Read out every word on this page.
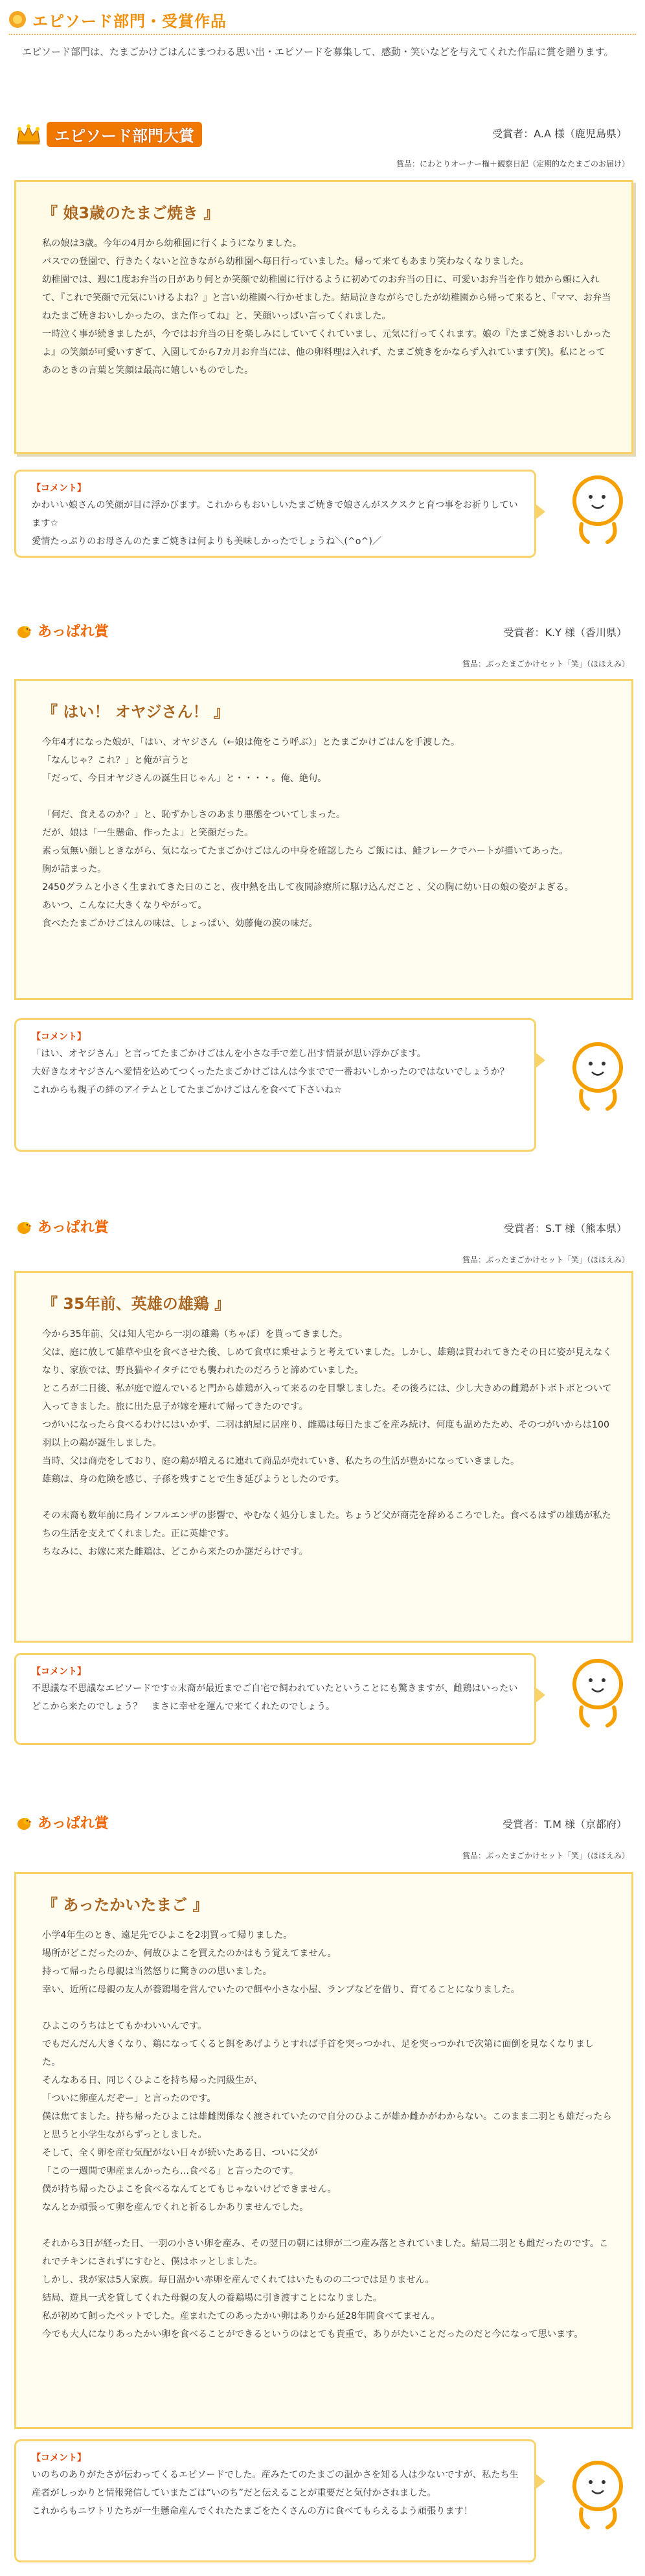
エピソード部門・受賞作品
エピソード部門は、たまごかけごはんにまつわる思い出・エピソードを募集して、感動・笑いなどを与えてくれた作品に賞を贈ります。
エピソード部門大賞	受賞者：A.A 様（鹿児島県）
賞品：にわとりオーナー権＋観察日記（定期的なたまごのお届け）
『 娘3歳のたまご焼き 』

私の娘は3歳。今年の4月から幼稚園に行くようになりました。

バスでの登園で、行きたくないと泣きながら幼稚園へ毎日行っていました。帰って来てもあまり笑わなくなりました。

幼稚園では、週に1度お弁当の日があり何とか笑顔で幼稚園に行けるように初めてのお弁当の日に、可愛いお弁当を作り娘から頼に入れて、『これで笑顔で元気にいけるよね？』と言い幼稚園へ行かせました。結局泣きながらでしたが幼稚園から帰って来ると、『ママ、お弁当ねたまご焼きおいしかったの、また作ってね』と、笑顔いっぱい言ってくれました。

一時泣く事が続きましたが、今ではお弁当の日を楽しみにしていてくれていまし、元気に行ってくれます。娘の『たまご焼きおいしかったよ』の笑顔が可愛いすぎて、入園してから7カ月お弁当には、他の卵料理は入れず、たまご焼きをかならず入れています(笑)。私にとってあのときの言葉と笑顔は最高に嬉しいものでした。

【コメント】

かわいい娘さんの笑顔が目に浮かびます。これからもおいしいたまご焼きで娘さんがスクスクと育つ事をお祈りしています☆

愛情たっぷりのお母さんのたまご焼きは何よりも美味しかったでしょうね＼(^o^)／

あっぱれ賞	受賞者：K.Y 様（香川県）
賞品：ぶったまごかけセット「笑」（ほほえみ）
『 はい！ オヤジさん！ 』

今年4才になった娘が、「はい、オヤジさん（←娘は俺をこう呼ぶ）」とたまごかけごはんを手渡した。

「なんじゃ？これ？」と俺が言うと

「だって、今日オヤジさんの誕生日じゃん」と・・・・。俺、絶句。

「何だ、食えるのか？」と、恥ずかしさのあまり悪態をついてしまった。

だが、娘は「一生懸命、作ったよ」と笑顔だった。

素っ気無い顔しときながら、気になってたまごかけごはんの中身を確認したら ご飯には、鮭フレークでハートが描いてあった。

胸が詰まった。

2450グラムと小さく生まれてきた日のこと、夜中熱を出して夜間診療所に駆け込んだこと 、父の胸に幼い日の娘の姿がよぎる。

あいつ、こんなに大きくなりやがって。

食べたたまごかけごはんの味は、しょっぱい、効藤俺の涙の味だ。

【コメント】

「はい、オヤジさん」と言ってたまごかけごはんを小さな手で差し出す情景が思い浮かびます。

大好きなオヤジさんへ愛情を込めてつくったたまごかけごはんは今までで一番おいしかったのではないでしょうか？

これからも親子の絆のアイテムとしてたまごかけごはんを食べて下さいね☆

あっぱれ賞	受賞者：S.T 様（熊本県）
賞品：ぶったまごかけセット「笑」（ほほえみ）
『 35年前、英雄の雄鶏 』

今から35年前、父は知人宅から一羽の雄鶏（ちゃぼ）を貰ってきました。

父は、庭に放して雑草や虫を食べさせた後、しめて食卓に乗せようと考えていました。しかし、雄鶏は貰われてきたその日に姿が見えなくなり、家族では、野良猫やイタチにでも襲われたのだろうと諦めていました。

ところが二日後、私が庭で遊んでいると門から雄鶏が入って来るのを目撃しました。その後ろには、少し大きめの雌鶏がトボトボとついて入ってきました。旅に出た息子が嫁を連れて帰ってきたのです。

つがいになったら食べるわけにはいかず、二羽は納屋に居座り、雌鶏は毎日たまごを産み続け、何度も温めたため、そのつがいからは100羽以上の鶏が誕生しました。

当時、父は商売をしており、庭の鶏が増えるに連れて商品が売れていき、私たちの生活が豊かになっていきました。

雄鶏は、身の危険を感じ、子孫を残すことで生き延びようとしたのです。

その末裔も数年前に鳥インフルエンザの影響で、やむなく処分しました。ちょうど父が商売を辞めるころでした。食べるはずの雄鶏が私たちの生活を支えてくれました。正に英雄です。

ちなみに、お嫁に来た雌鶏は、どこから来たのか謎だらけです。

【コメント】

不思議な不思議なエピソードです☆末裔が最近までご自宅で飼われていたということにも驚きますが、雌鶏はいったいどこから来たのでしょう？　まさに幸せを運んで来てくれたのでしょう。

あっぱれ賞	受賞者：T.M 様（京都府）
賞品：ぶったまごかけセット「笑」（ほほえみ）
『 あったかいたまご 』

小学4年生のとき、遠足先でひよこを2羽買って帰りました。

場所がどこだったのか、何故ひよこを買えたのかはもう覚えてません。

持って帰ったら母親は当然怒りに驚きのの思いました。

幸い、近所に母親の友人が養鶏場を営んでいたので餌や小さな小屋、ランプなどを借り、育てることになりました。

ひよこのうちはとてもかわいいんです。

でもだんだん大きくなり、鶏になってくると餌をあげようとすれば手首を突っつかれ、足を突っつかれで次第に面倒を見なくなりました。

そんなある日、同じくひよこを持ち帰った同級生が、

「ついに卵産んだぞー」と言ったのです。

僕は焦てました。持ち帰ったひよこは雄雌関係なく渡されていたので自分のひよこが雄か雌かがわからない。このまま二羽とも雄だったらと思うと小学生ながらずっとしました。

そして、全く卵を産む気配がない日々が続いたある日、ついに父が

「この一週間で卵産まんかったら…食べる」と言ったのです。

僕が持ち帰ったひよこを食べるなんてとてもじゃないけどできません。

なんとか頑張って卵を産んでくれと祈るしかありませんでした。

それから3日が経った日、一羽の小さい卵を産み、その翌日の朝には卵が二つ産み落とされていました。結局二羽とも雌だったのです。これでチキンにされずにすむと、僕はホッとしました。

しかし、我が家は5人家族。毎日温かい赤卵を産んでくれてはいたものの二つでは足りません。

結局、遊具一式を貸してくれた母親の友人の養鶏場に引き渡すことになりました。

私が初めて飼ったペットでした。産まれたてのあったかい卵はありから延28年間食べてません。

今でも大人になりあったかい卵を食べることができるというのはとても貴重で、ありがたいことだったのだと今になって思います。

【コメント】

いのちのありがたさが伝わってくるエピソードでした。産みたてのたまごの温かさを知る人は少ないですが、私たち生産者がしっかりと情報発信していまた​ごは“いのち”だと伝えることが重要だと気付かされました。

これからもニワトリたちが一生懸命産んでくれたたまごをたくさんの方に食べてもらえるよう頑張ります！
